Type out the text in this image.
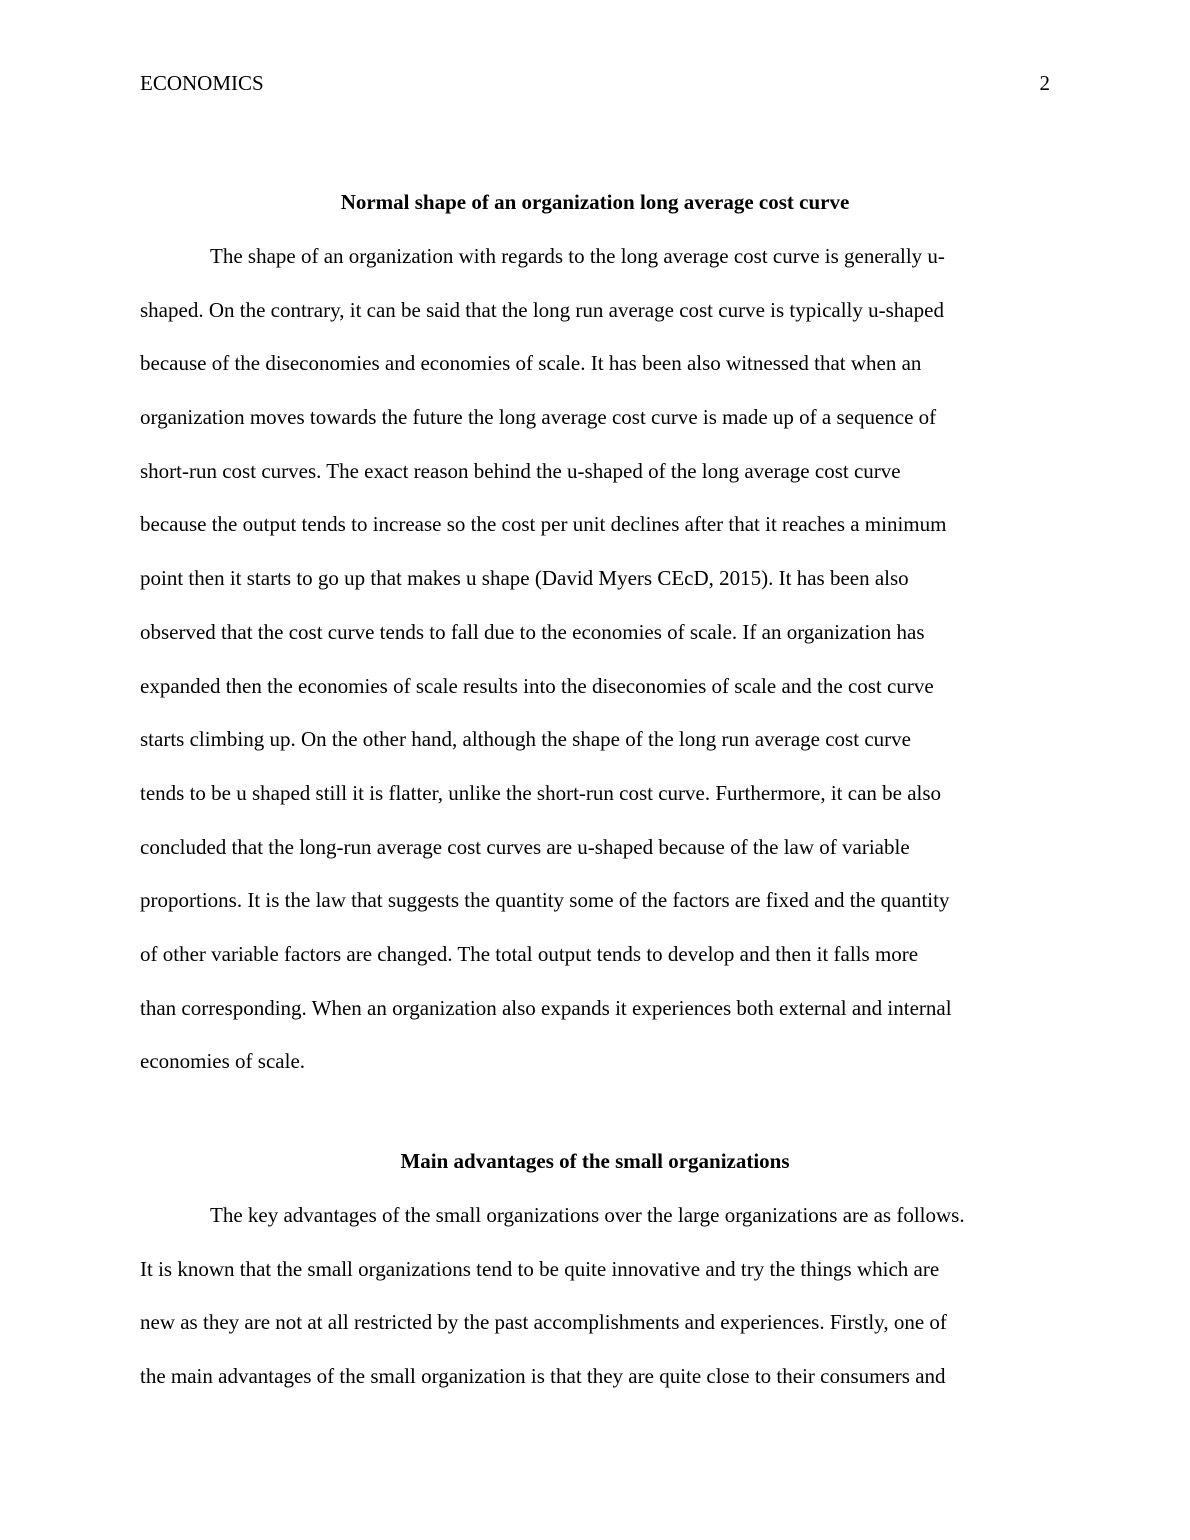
ECONOMICS	2
Normal shape of an organization long average cost curve
The shape of an organization with regards to the long average cost curve is generally u-
shaped. On the contrary, it can be said that the long run average cost curve is typically u-shaped
because of the diseconomies and economies of scale. It has been also witnessed that when an
organization moves towards the future the long average cost curve is made up of a sequence of
short-run cost curves. The exact reason behind the u-shaped of the long average cost curve
because the output tends to increase so the cost per unit declines after that it reaches a minimum
point then it starts to go up that makes u shape (David Myers CEcD, 2015). It has been also
observed that the cost curve tends to fall due to the economies of scale. If an organization has
expanded then the economies of scale results into the diseconomies of scale and the cost curve
starts climbing up. On the other hand, although the shape of the long run average cost curve
tends to be u shaped still it is flatter, unlike the short-run cost curve. Furthermore, it can be also
concluded that the long-run average cost curves are u-shaped because of the law of variable
proportions. It is the law that suggests the quantity some of the factors are fixed and the quantity
of other variable factors are changed. The total output tends to develop and then it falls more
than corresponding. When an organization also expands it experiences both external and internal
economies of scale.
Main advantages of the small organizations
The key advantages of the small organizations over the large organizations are as follows.
It is known that the small organizations tend to be quite innovative and try the things which are
new as they are not at all restricted by the past accomplishments and experiences. Firstly, one of
the main advantages of the small organization is that they are quite close to their consumers and
